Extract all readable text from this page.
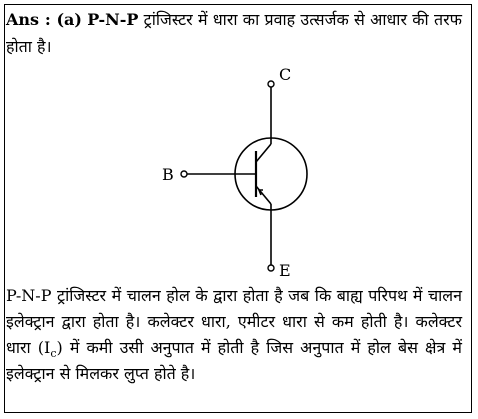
Ans : (a) P-N-P ट्रांजिस्टर में धारा का प्रवाह उत्सर्जक से आधार की तरफ होता है।
C
B
E
P-N-P ट्रांजिस्टर में चालन होल के द्वारा होता है जब कि बाह्य परिपथ में चालन इलेक्ट्रान द्वारा होता है। कलेक्टर धारा, एमीटर धारा से कम होती है। कलेक्टर धारा $(I_c)$ में कमी उसी अनुपात में होती है जिस अनुपात में होल बेस क्षेत्र में इलेक्ट्रान से मिलकर लुप्त होते है।
